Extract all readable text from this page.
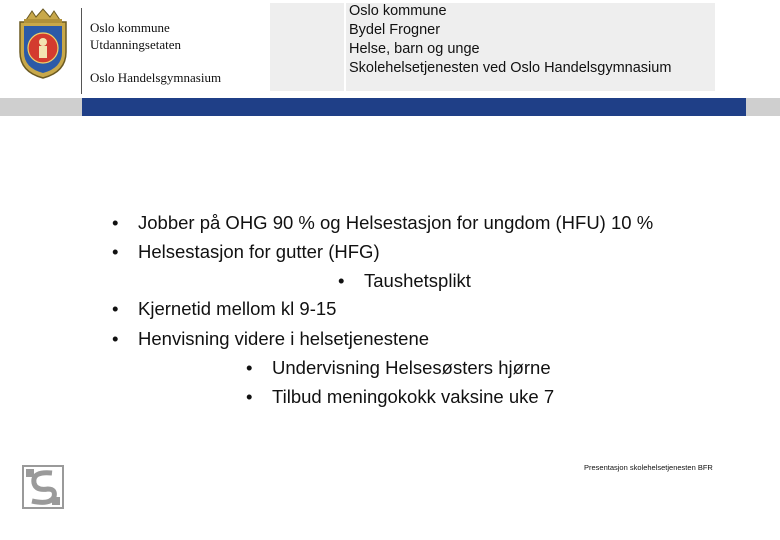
Oslo kommune
Utdanningsetaten
Oslo Handelsgymnasium
Oslo kommune
Bydel Frogner
Helse, barn og unge
Skolehelsetjenesten ved Oslo Handelsgymnasium
• Jobber på OHG 90 % og Helsestasjon for ungdom (HFU) 10 %
• Helsestasjon for gutter (HFG)
• Taushetsplikt
• Kjernetid mellom kl 9-15
• Henvisning videre i helsetjenestene
• Undervisning Helsesøsters hjørne
• Tilbud meningokokk vaksine uke 7
Presentasjon skolehelsetjenesten BFR
